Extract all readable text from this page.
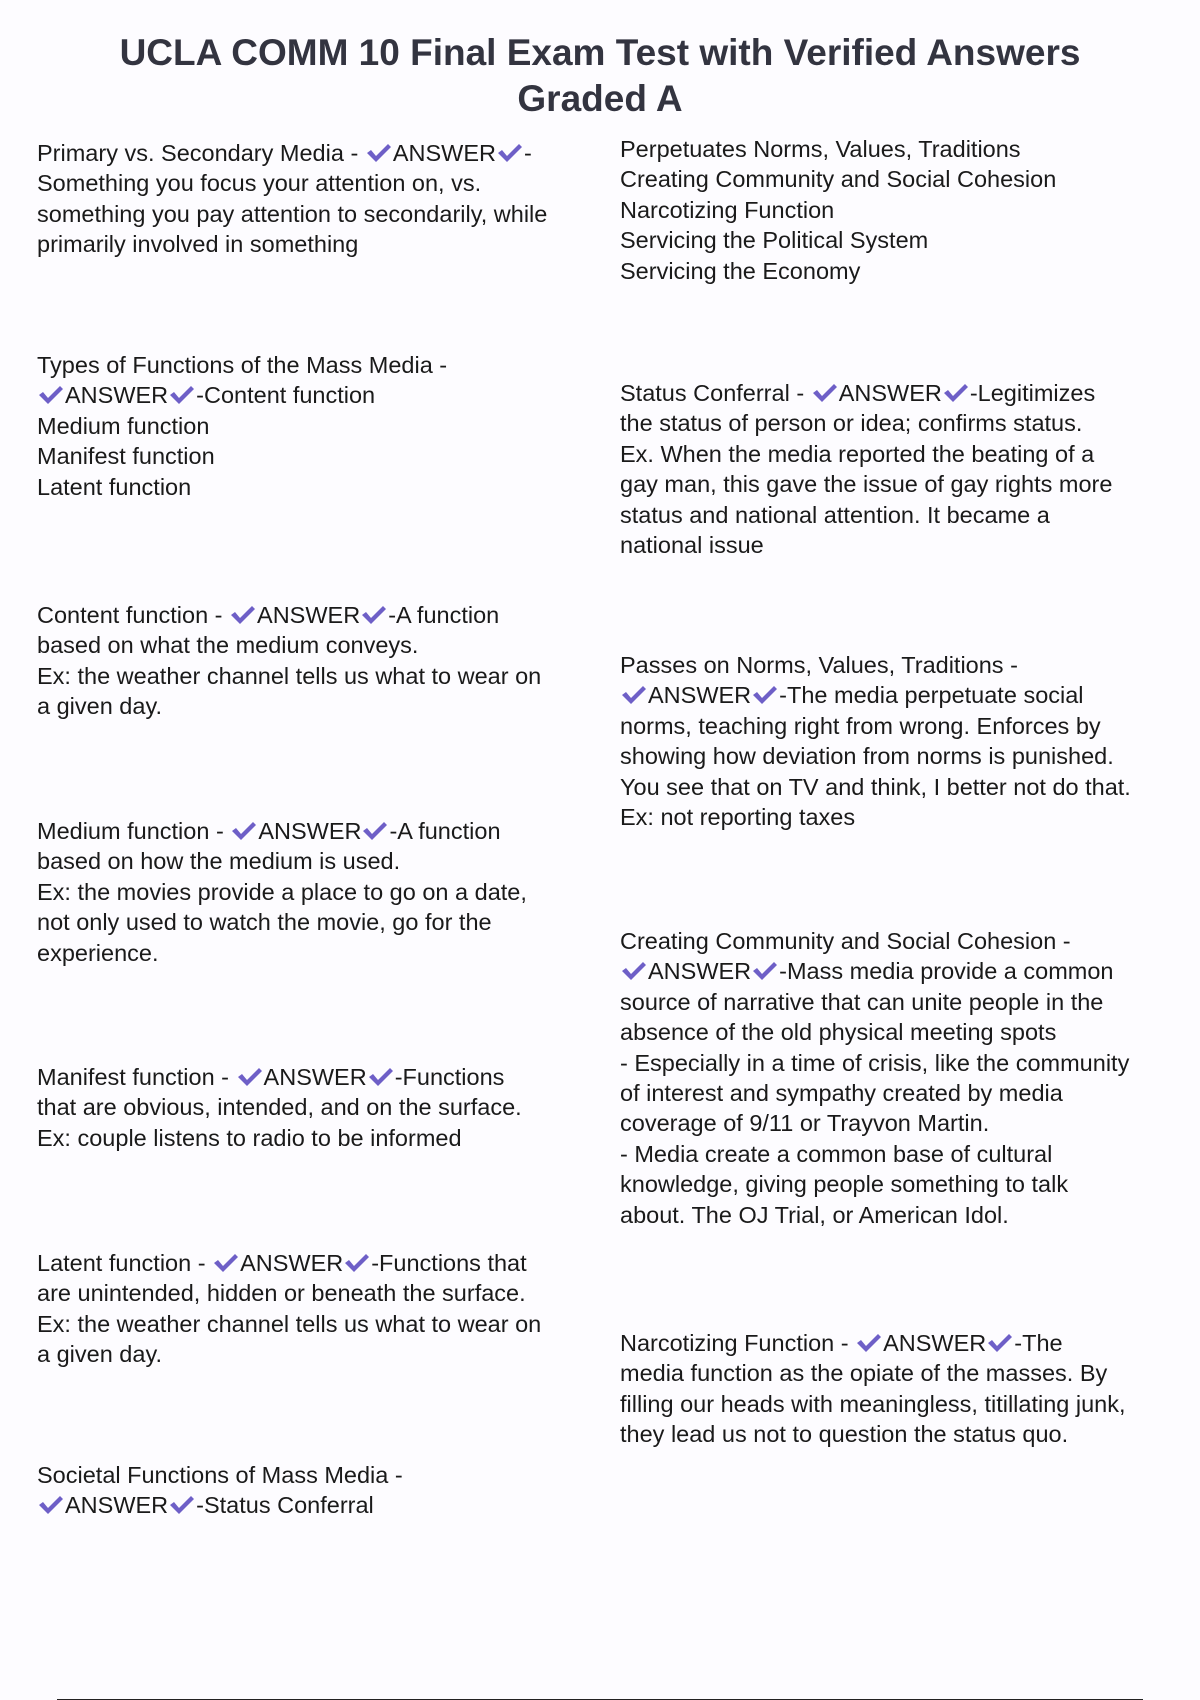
UCLA COMM 10 Final Exam Test with Verified Answers
Graded A
Primary vs. Secondary Media - ANSWER -
Something you focus your attention on, vs.
something you pay attention to secondarily, while
primarily involved in something
Types of Functions of the Mass Media -
ANSWER -Content function
Medium function
Manifest function
Latent function
Content function - ANSWER -A function
based on what the medium conveys.
Ex: the weather channel tells us what to wear on
a given day.
Medium function - ANSWER -A function
based on how the medium is used.
Ex: the movies provide a place to go on a date,
not only used to watch the movie, go for the
experience.
Manifest function - ANSWER -Functions
that are obvious, intended, and on the surface.
Ex: couple listens to radio to be informed
Latent function - ANSWER -Functions that
are unintended, hidden or beneath the surface.
Ex: the weather channel tells us what to wear on
a given day.
Societal Functions of Mass Media -
ANSWER -Status Conferral
Perpetuates Norms, Values, Traditions
Creating Community and Social Cohesion
Narcotizing Function
Servicing the Political System
Servicing the Economy
Status Conferral - ANSWER -Legitimizes
the status of person or idea; confirms status.
Ex. When the media reported the beating of a
gay man, this gave the issue of gay rights more
status and national attention. It became a
national issue
Passes on Norms, Values, Traditions -
ANSWER -The media perpetuate social
norms, teaching right from wrong. Enforces by
showing how deviation from norms is punished.
You see that on TV and think, I better not do that.
Ex: not reporting taxes
Creating Community and Social Cohesion -
ANSWER -Mass media provide a common
source of narrative that can unite people in the
absence of the old physical meeting spots
- Especially in a time of crisis, like the community
of interest and sympathy created by media
coverage of 9/11 or Trayvon Martin.
- Media create a common base of cultural
knowledge, giving people something to talk
about. The OJ Trial, or American Idol.
Narcotizing Function - ANSWER -The
media function as the opiate of the masses. By
filling our heads with meaningless, titillating junk,
they lead us not to question the status quo.
